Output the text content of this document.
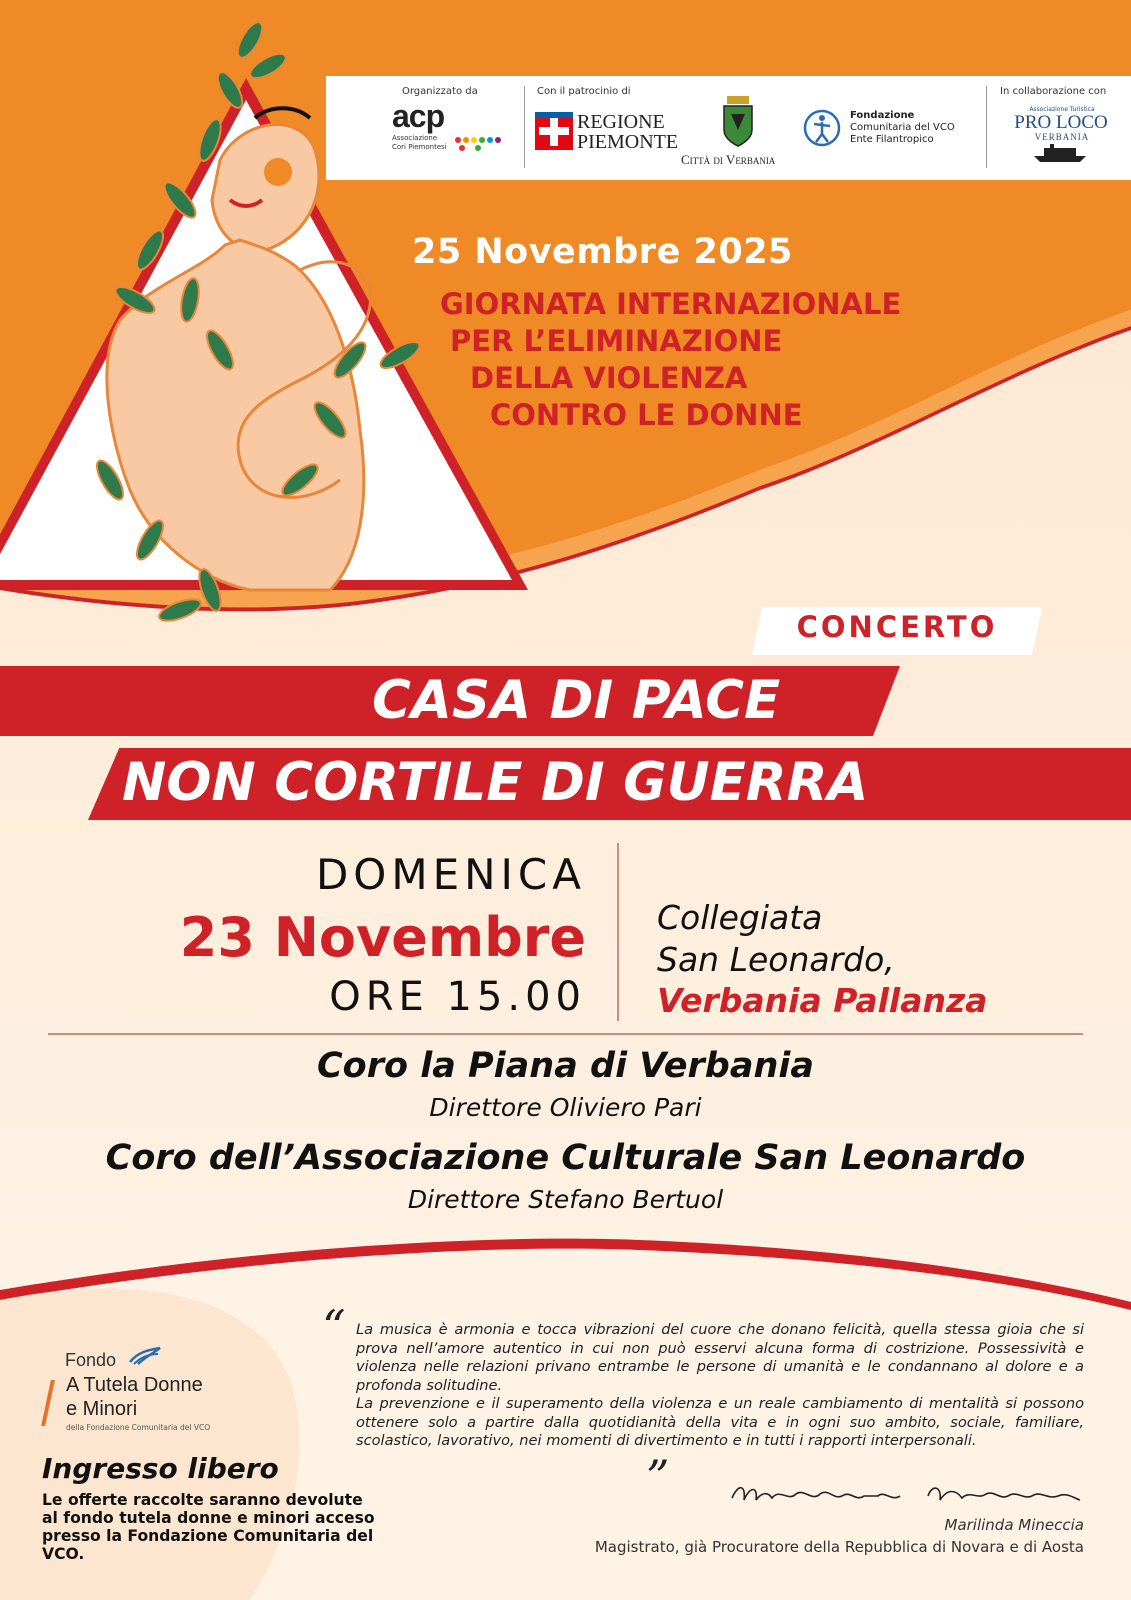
Organizzato da
acp
Associazione
Cori Piemontesi
Con il patrocinio di
REGIONE
PIEMONTE
Città di Verbania
Fondazione
Comunitaria del VCO
Ente Filantropico
In collaborazione con
Associazione Turistica
PRO LOCO
VERBANIA
25 Novembre 2025
GIORNATA INTERNAZIONALE
PER L’ELIMINAZIONE
DELLA VIOLENZA
CONTRO LE DONNE
CONCERTO
CASA DI PACE
NON CORTILE DI GUERRA
DOMENICA
23 Novembre
ORE 15.00
Collegiata
San Leonardo,
Verbania Pallanza
Coro la Piana di Verbania
Direttore Oliviero Pari
Coro dell’Associazione Culturale San Leonardo
Direttore Stefano Bertuol
“ La musica è armonia e tocca vibrazioni del cuore che donano felicità, quella stessa gioia che si prova nell’amore autentico in cui non può esservi alcuna forma di costrizione. Possessività e violenza nelle relazioni privano entrambe le persone di umanità e le condannano al dolore e a profonda solitudine.

La prevenzione e il superamento della violenza e un reale cambiamento di mentalità si possono ottenere solo a partire dalla quotidianità della vita e in ogni suo ambito, sociale, familiare, scolastico, lavorativo, nei momenti di divertimento e in tutti i rapporti interpersonali.

”
Marilinda Mineccia
Magistrato, già Procuratore della Repubblica di Novara e di Aosta
Fondo
A Tutela Donne
e Minori
della Fondazione Comunitaria del VCO
Ingresso libero
Le offerte raccolte saranno devolute al fondo tutela donne e minori acceso presso la Fondazione Comunitaria del VCO.
